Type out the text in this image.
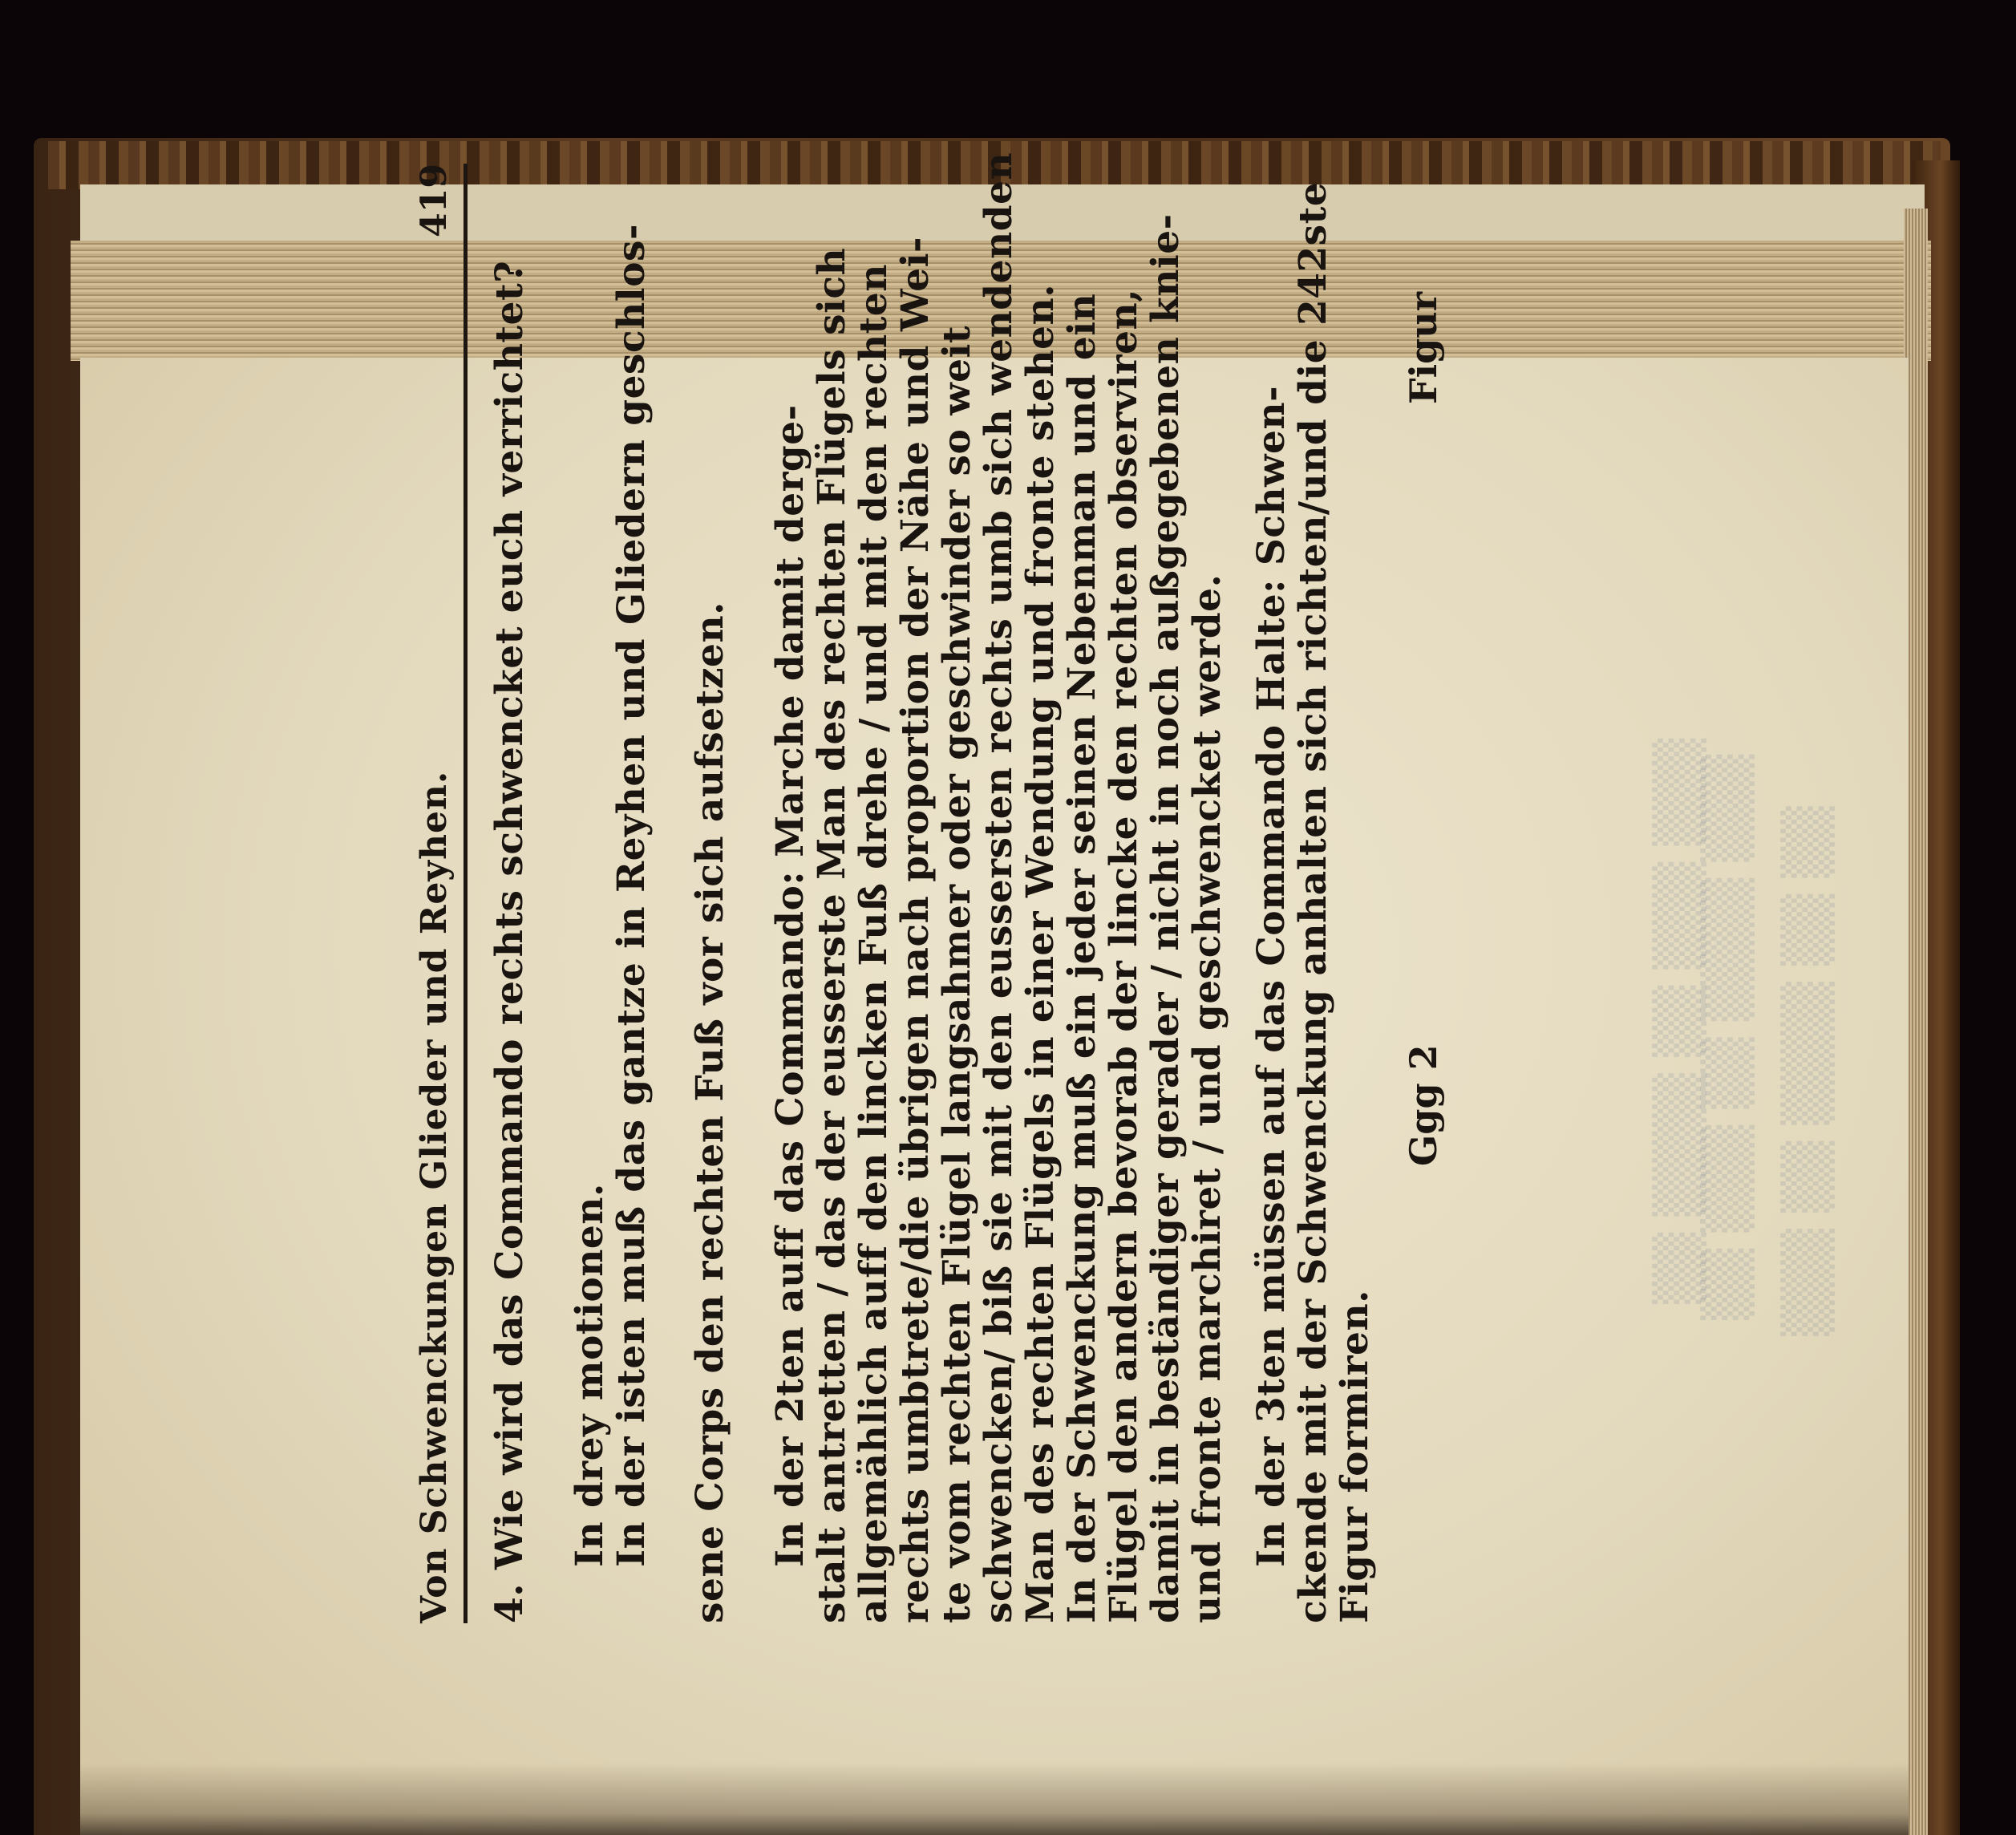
▒▒ ▒▒▒ ▒▒ ▒▒▒▒ ▒▒▒ ▒▒▒ ▒▒ ▒▒▒▒ ▒▒ ▒▒
▒▒ ▒▒▒▒ ▒▒ ▒▒▒ ▒▒▒
Von Schwenckungen Glieder und Reyhen.
419
4. Wie wird das Commando rechts schwencket euch verrichtet? In drey motionen.
In der isten muß das gantze in Reyhen und Gliedern geschlos- sene Corps den rechten Fuß vor sich aufsetzen. In der 2ten auff das Commando: Marche damit derge-
stalt antretten / das der eusserste Man des rechten Flügels sich
allgemählich auff den lincken Fuß drehe / und mit den rechten
rechts umbtrete/die übrigen nach proportion der Nähe und Wei-
te vom rechten Flügel langsahmer oder geschwinder so weit
schwencken/ biß sie mit den eussersten rechts umb sich wendenden
Man des rechten Flügels in einer Wendung und fronte stehen.
In der Schwenckung muß ein jeder seinen Nebenman und ein
Flügel den andern bevorab der lincke den rechten observiren,
damit in beständiger gerader / nicht in noch außgegebenen knie-
und fronte marchiret / und geschwencket werde. In der 3ten müssen auf das Commando Halte: Schwen-
ckende mit der Schwenckung anhalten sich richten/und die 242ste
Figur formiren.
Ggg 2
Figur
